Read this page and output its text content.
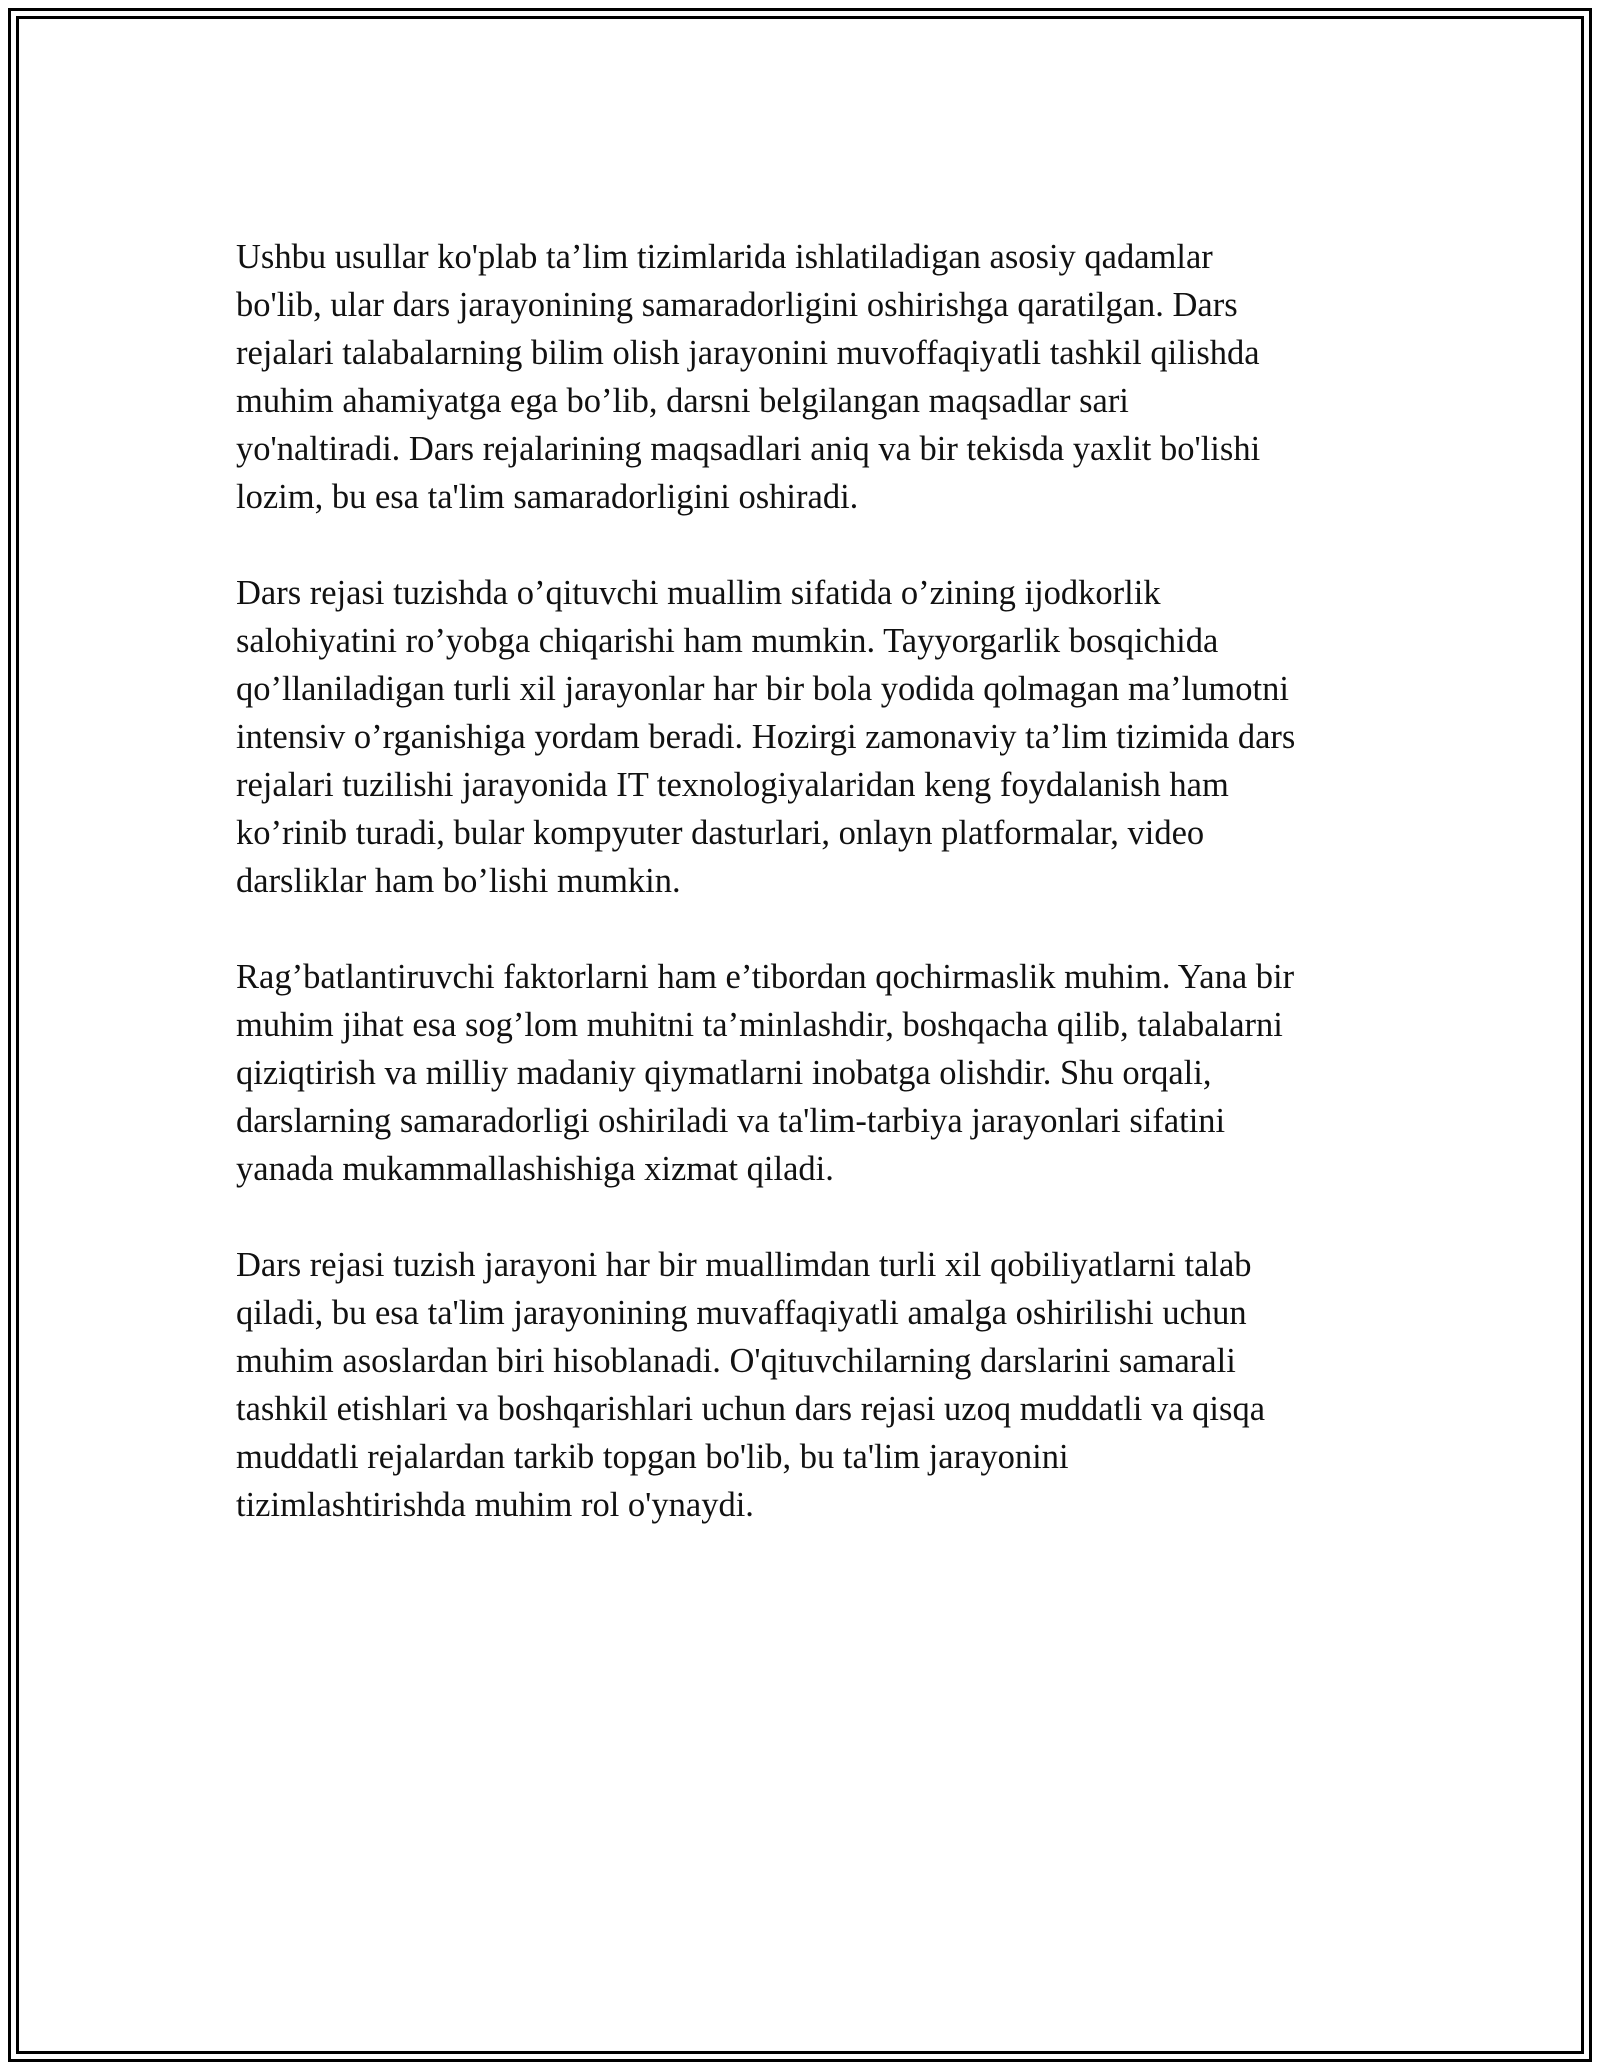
Ushbu usullar ko'plab ta’lim tizimlarida ishlatiladigan asosiy qadamlar
bo'lib, ular dars jarayonining samaradorligini oshirishga qaratilgan. Dars
rejalari talabalarning bilim olish jarayonini muvoffaqiyatli tashkil qilishda
muhim ahamiyatga ega bo’lib, darsni belgilangan maqsadlar sari
yo'naltiradi. Dars rejalarining maqsadlari aniq va bir tekisda yaxlit bo'lishi
lozim, bu esa ta'lim samaradorligini oshiradi.

Dars rejasi tuzishda o’qituvchi muallim sifatida o’zining ijodkorlik
salohiyatini ro’yobga chiqarishi ham mumkin. Tayyorgarlik bosqichida
qo’llaniladigan turli xil jarayonlar har bir bola yodida qolmagan ma’lumotni
intensiv o’rganishiga yordam beradi. Hozirgi zamonaviy ta’lim tizimida dars
rejalari tuzilishi jarayonida IT texnologiyalaridan keng foydalanish ham
ko’rinib turadi, bular kompyuter dasturlari, onlayn platformalar, video
darsliklar ham bo’lishi mumkin.

Rag’batlantiruvchi faktorlarni ham e’tibordan qochirmaslik muhim. Yana bir
muhim jihat esa sog’lom muhitni ta’minlashdir, boshqacha qilib, talabalarni
qiziqtirish va milliy madaniy qiymatlarni inobatga olishdir. Shu orqali,
darslarning samaradorligi oshiriladi va ta'lim-tarbiya jarayonlari sifatini
yanada mukammallashishiga xizmat qiladi.

Dars rejasi tuzish jarayoni har bir muallimdan turli xil qobiliyatlarni talab
qiladi, bu esa ta'lim jarayonining muvaffaqiyatli amalga oshirilishi uchun
muhim asoslardan biri hisoblanadi. O'qituvchilarning darslarini samarali
tashkil etishlari va boshqarishlari uchun dars rejasi uzoq muddatli va qisqa
muddatli rejalardan tarkib topgan bo'lib, bu ta'lim jarayonini
tizimlashtirishda muhim rol o'ynaydi.
